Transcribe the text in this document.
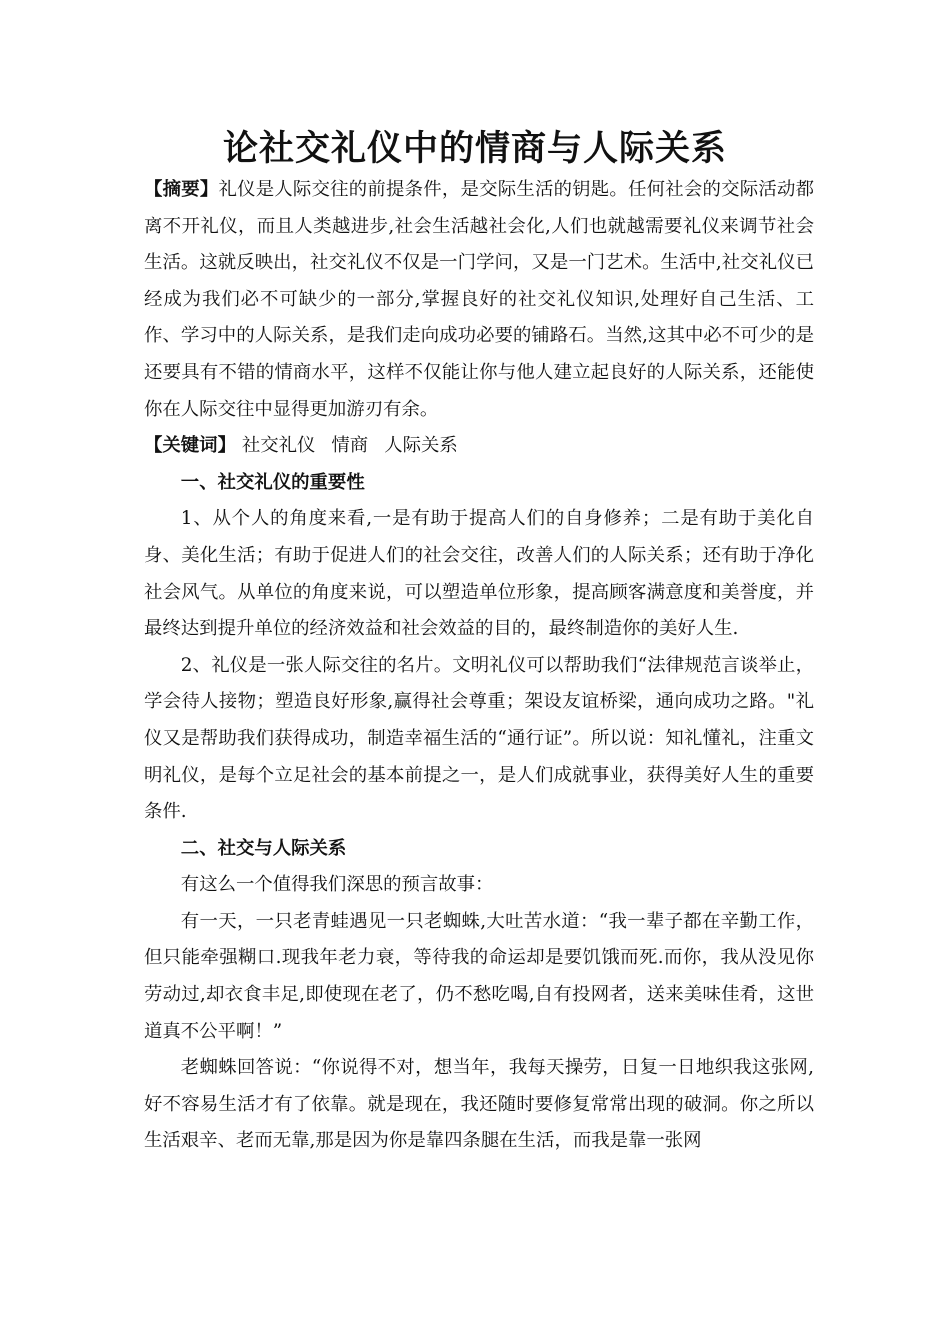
论社交礼仪中的情商与人际关系

【摘要】礼仪是人际交往的前提条件，是交际生活的钥匙。任何社会的交际活动都离不开礼仪，而且人类越进步,社会生活越社会化,人们也就越需要礼仪来调节社会生活。这就反映出，社交礼仪不仅是一门学问，又是一门艺术。生活中,社交礼仪已经成为我们必不可缺少的一部分,掌握良好的社交礼仪知识,处理好自己生活、工作、学习中的人际关系，是我们走向成功必要的铺路石。当然,这其中必不可少的是还要具有不错的情商水平，这样不仅能让你与他人建立起良好的人际关系，还能使你在人际交往中显得更加游刃有余。

【关键词】 社交礼仪 情商 人际关系

一、社交礼仪的重要性

1、从个人的角度来看,一是有助于提高人们的自身修养；二是有助于美化自身、美化生活；有助于促进人们的社会交往，改善人们的人际关系；还有助于净化社会风气。从单位的角度来说，可以塑造单位形象，提高顾客满意度和美誉度，并最终达到提升单位的经济效益和社会效益的目的，最终制造你的美好人生.

2、礼仪是一张人际交往的名片。文明礼仪可以帮助我们“法律规范言谈举止，学会待人接物；塑造良好形象,赢得社会尊重；架设友谊桥梁，通向成功之路。"礼仪又是帮助我们获得成功，制造幸福生活的“通行证”。所以说：知礼懂礼，注重文明礼仪，是每个立足社会的基本前提之一，是人们成就事业，获得美好人生的重要条件.

二、社交与人际关系

有这么一个值得我们深思的预言故事：

有一天，一只老青蛙遇见一只老蜘蛛,大吐苦水道：“我一辈子都在辛勤工作，但只能牵强糊口.现我年老力衰，等待我的命运却是要饥饿而死.而你，我从没见你劳动过,却衣食丰足,即使现在老了，仍不愁吃喝,自有投网者，送来美味佳肴，这世道真不公平啊！”

老蜘蛛回答说：“你说得不对，想当年，我每天操劳，日复一日地织我这张网,好不容易生活才有了依靠。就是现在，我还随时要修复常常出现的破洞。你之所以生活艰辛、老而无靠,那是因为你是靠四条腿在生活，而我是靠一张网
